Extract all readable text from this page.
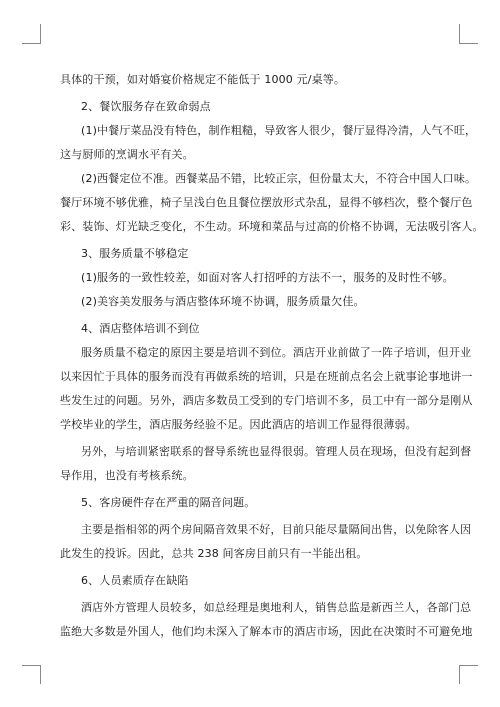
具体的干预，如对婚宴价格规定不能低于 1000 元/桌等。
2、餐饮服务存在致命弱点
(1)中餐厅菜品没有特色，制作粗糙，导致客人很少，餐厅显得冷清，人气不旺，
这与厨师的烹调水平有关。
(2)西餐定位不准。西餐菜品不错，比较正宗，但份量太大，不符合中国人口味。
餐厅环境不够优雅，椅子呈浅白色且餐位摆放形式杂乱，显得不够档次，整个餐厅色
彩、装饰、灯光缺乏变化，不生动。环境和菜品与过高的价格不协调，无法吸引客人。
3、服务质量不够稳定
(1)服务的一致性较差，如面对客人打招呼的方法不一，服务的及时性不够。
(2)美容美发服务与酒店整体环境不协调，服务质量欠佳。
4、酒店整体培训不到位
服务质量不稳定的原因主要是培训不到位。酒店开业前做了一阵子培训，但开业
以来因忙于具体的服务而没有再做系统的培训，只是在班前点名会上就事论事地讲一
些发生过的问题。另外，酒店多数员工受到的专门培训不多，员工中有一部分是刚从
学校毕业的学生，酒店服务经验不足。因此酒店的培训工作显得很薄弱。
另外，与培训紧密联系的督导系统也显得很弱。管理人员在现场，但没有起到督
导作用，也没有考核系统。
5、客房硬件存在严重的隔音问题。
主要是指相邻的两个房间隔音效果不好，目前只能尽量隔间出售，以免除客人因
此发生的投诉。因此，总共 238 间客房目前只有一半能出租。
6、人员素质存在缺陷
酒店外方管理人员较多，如总经理是奥地利人，销售总监是新西兰人，各部门总
监绝大多数是外国人，他们均未深入了解本市的酒店市场，因此在决策时不可避免地
